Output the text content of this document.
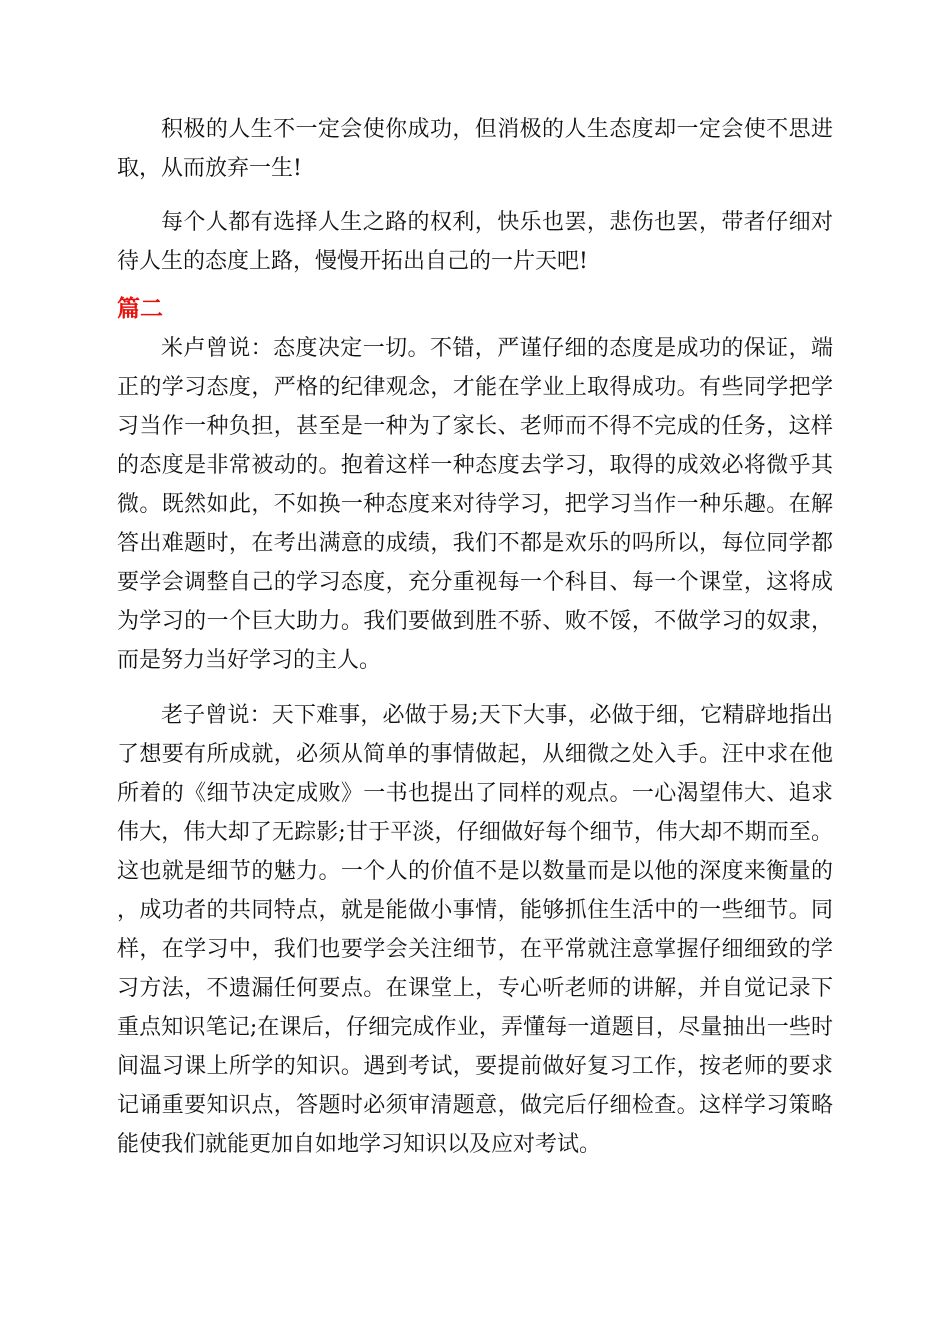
积极的人生不一定会使你成功，但消极的人生态度却一定会使不思进取，从而放弃一生!

每个人都有选择人生之路的权利，快乐也罢，悲伤也罢，带者仔细对待人生的态度上路，慢慢开拓出自己的一片天吧!

篇二

米卢曾说：态度决定一切。不错，严谨仔细的态度是成功的保证，端正的学习态度，严格的纪律观念，才能在学业上取得成功。有些同学把学习当作一种负担，甚至是一种为了家长、老师而不得不完成的任务，这样的态度是非常被动的。抱着这样一种态度去学习，取得的成效必将微乎其微。既然如此，不如换一种态度来对待学习，把学习当作一种乐趣。在解答出难题时，在考出满意的成绩，我们不都是欢乐的吗所以，每位同学都要学会调整自己的学习态度，充分重视每一个科目、每一个课堂，这将成为学习的一个巨大助力。我们要做到胜不骄、败不馁，不做学习的奴隶，而是努力当好学习的主人。

老子曾说：天下难事，必做于易;天下大事，必做于细，它精辟地指出了想要有所成就，必须从简单的事情做起，从细微之处入手。汪中求在他所着的《细节决定成败》一书也提出了同样的观点。一心渴望伟大、追求伟大，伟大却了无踪影;甘于平淡，仔细做好每个细节，伟大却不期而至。这也就是细节的魅力。一个人的价值不是以数量而是以他的深度来衡量的，成功者的共同特点，就是能做小事情，能够抓住生活中的一些细节。同样，在学习中，我们也要学会关注细节，在平常就注意掌握仔细细致的学习方法，不遗漏任何要点。在课堂上，专心听老师的讲解，并自觉记录下重点知识笔记;在课后，仔细完成作业，弄懂每一道题目，尽量抽出一些时间温习课上所学的知识。遇到考试，要提前做好复习工作，按老师的要求记诵重要知识点，答题时必须审清题意，做完后仔细检查。这样学习策略能使我们就能更加自如地学习知识以及应对考试。
